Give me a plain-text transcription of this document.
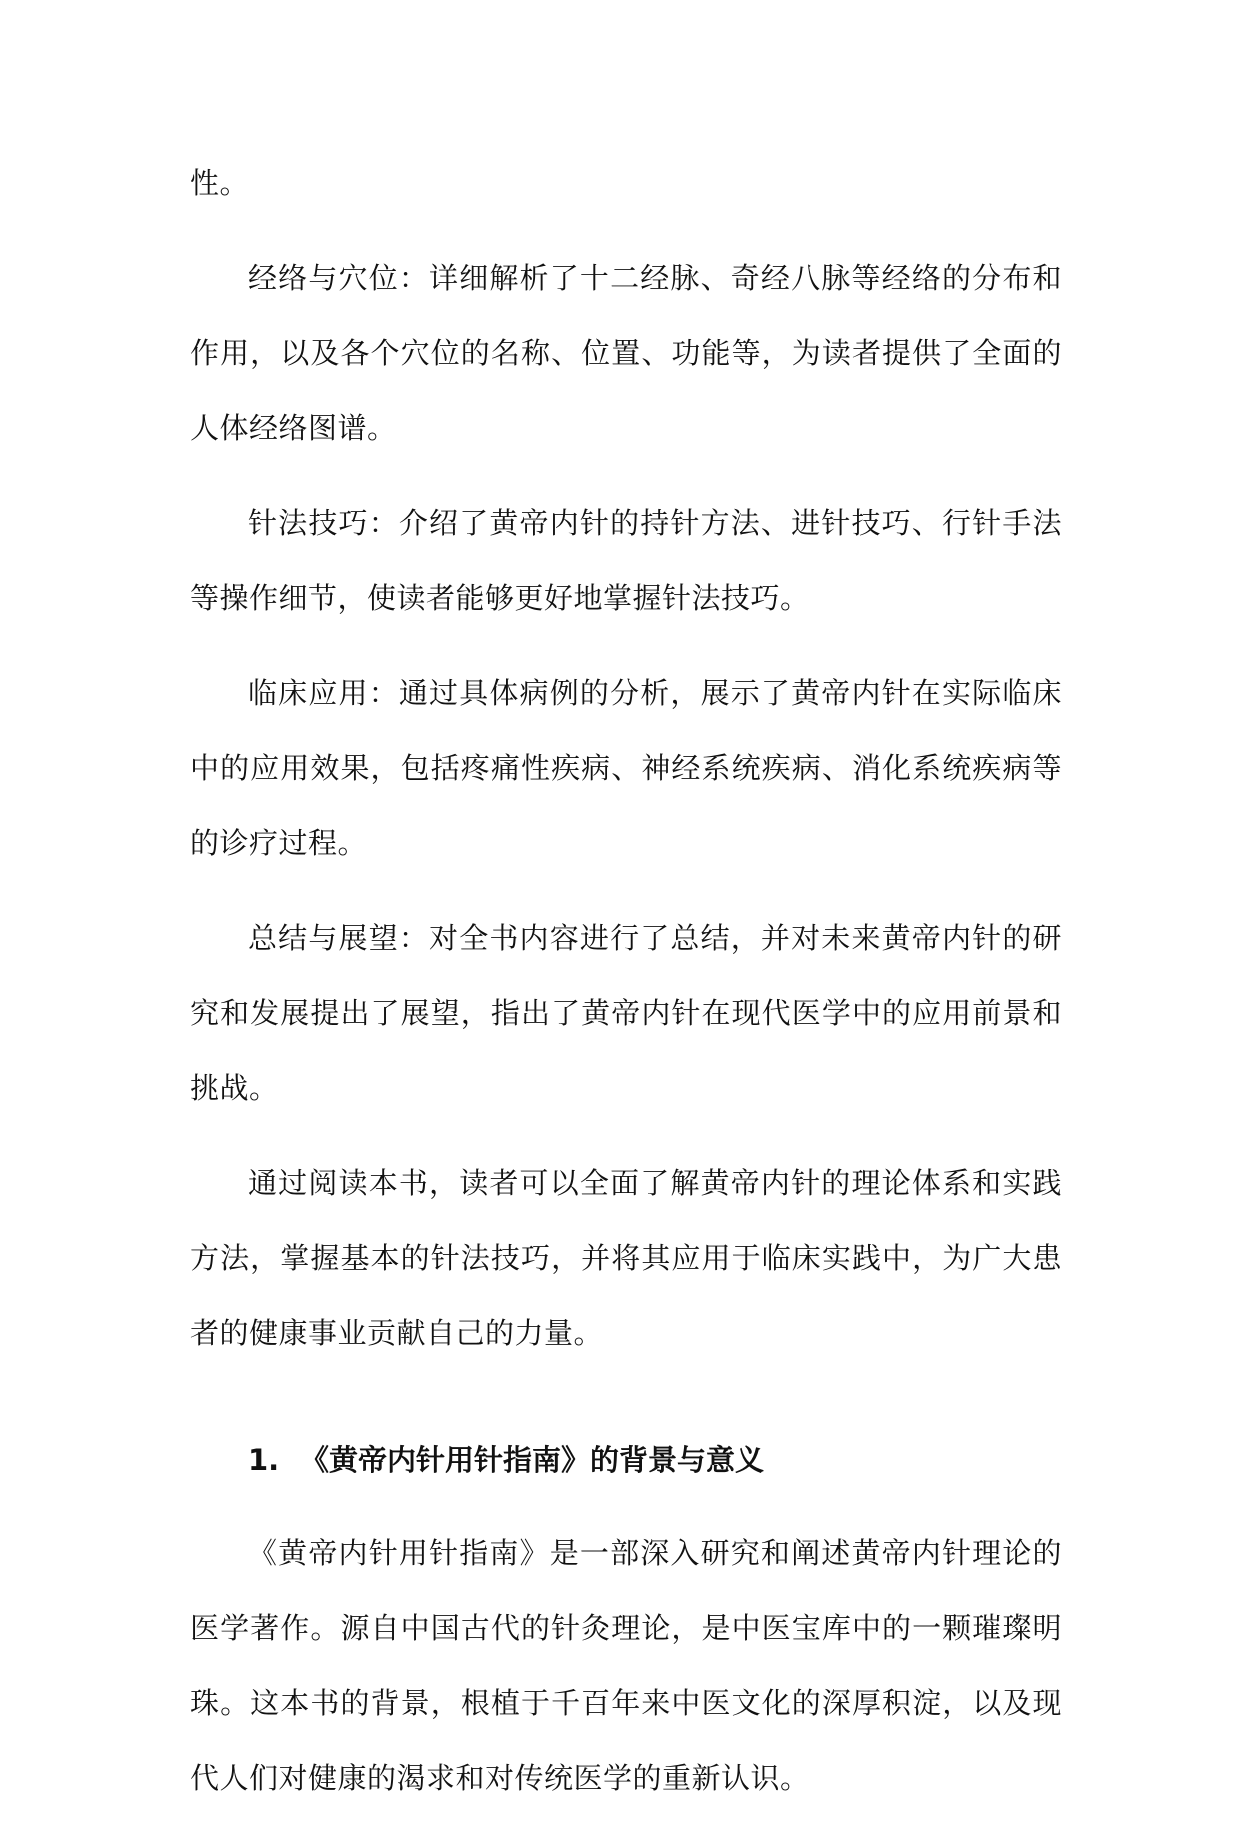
性。

经络与穴位：详细解析了十二经脉、奇经八脉等经络的分布和作用，以及各个穴位的名称、位置、功能等，为读者提供了全面的人体经络图谱。

针法技巧：介绍了黄帝内针的持针方法、进针技巧、行针手法等操作细节，使读者能够更好地掌握针法技巧。

临床应用：通过具体病例的分析，展示了黄帝内针在实际临床中的应用效果，包括疼痛性疾病、神经系统疾病、消化系统疾病等的诊疗过程。

总结与展望：对全书内容进行了总结，并对未来黄帝内针的研究和发展提出了展望，指出了黄帝内针在现代医学中的应用前景和挑战。

通过阅读本书，读者可以全面了解黄帝内针的理论体系和实践方法，掌握基本的针法技巧，并将其应用于临床实践中，为广大患者的健康事业贡献自己的力量。

1. 《黄帝内针用针指南》的背景与意义

《黄帝内针用针指南》是一部深入研究和阐述黄帝内针理论的医学著作。源自中国古代的针灸理论，是中医宝库中的一颗璀璨明珠。这本书的背景，根植于千百年来中医文化的深厚积淀，以及现代人们对健康的渴求和对传统医学的重新认识。
